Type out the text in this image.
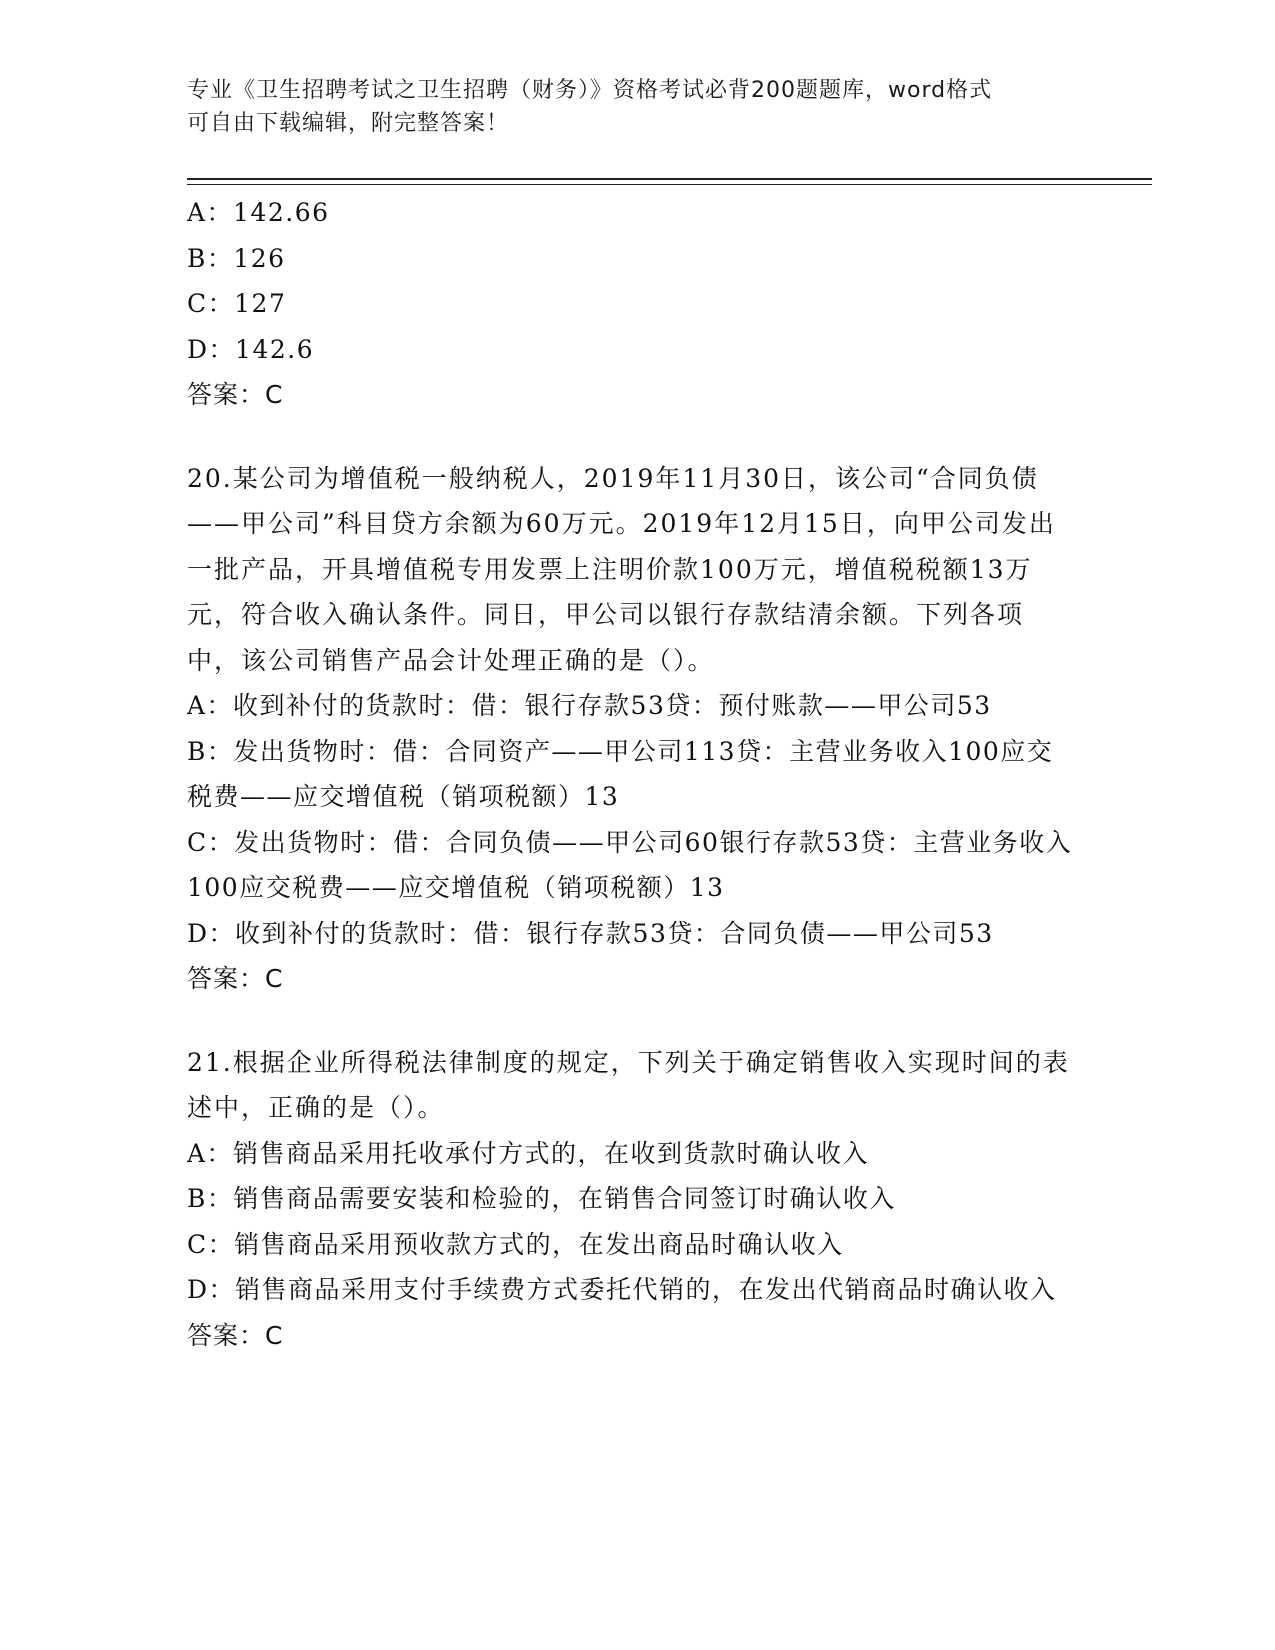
专业《卫生招聘考试之卫生招聘（财务）》资格考试必背200题题库，word格式
可自由下载编辑，附完整答案！
A：142.66
B：126
C：127
D：142.6
答案：C
20.某公司为增值税一般纳税人，2019年11月30日，该公司“合同负债——甲公司”科目贷方余额为60万元。2019年12月15日，向甲公司发出一批产品，开具增值税专用发票上注明价款100万元，增值税税额13万元，符合收入确认条件。同日，甲公司以银行存款结清余额。下列各项中，该公司销售产品会计处理正确的是（）。
A：收到补付的货款时：借：银行存款53贷：预付账款——甲公司53
B：发出货物时：借：合同资产——甲公司113贷：主营业务收入100应交税费——应交增值税（销项税额）13
C：发出货物时：借：合同负债——甲公司60银行存款53贷：主营业务收入100应交税费——应交增值税（销项税额）13
D：收到补付的货款时：借：银行存款53贷：合同负债——甲公司53
答案：C
21.根据企业所得税法律制度的规定，下列关于确定销售收入实现时间的表述中，正确的是（）。
A：销售商品采用托收承付方式的，在收到货款时确认收入
B：销售商品需要安装和检验的，在销售合同签订时确认收入
C：销售商品采用预收款方式的，在发出商品时确认收入
D：销售商品采用支付手续费方式委托代销的，在发出代销商品时确认收入
答案：C
